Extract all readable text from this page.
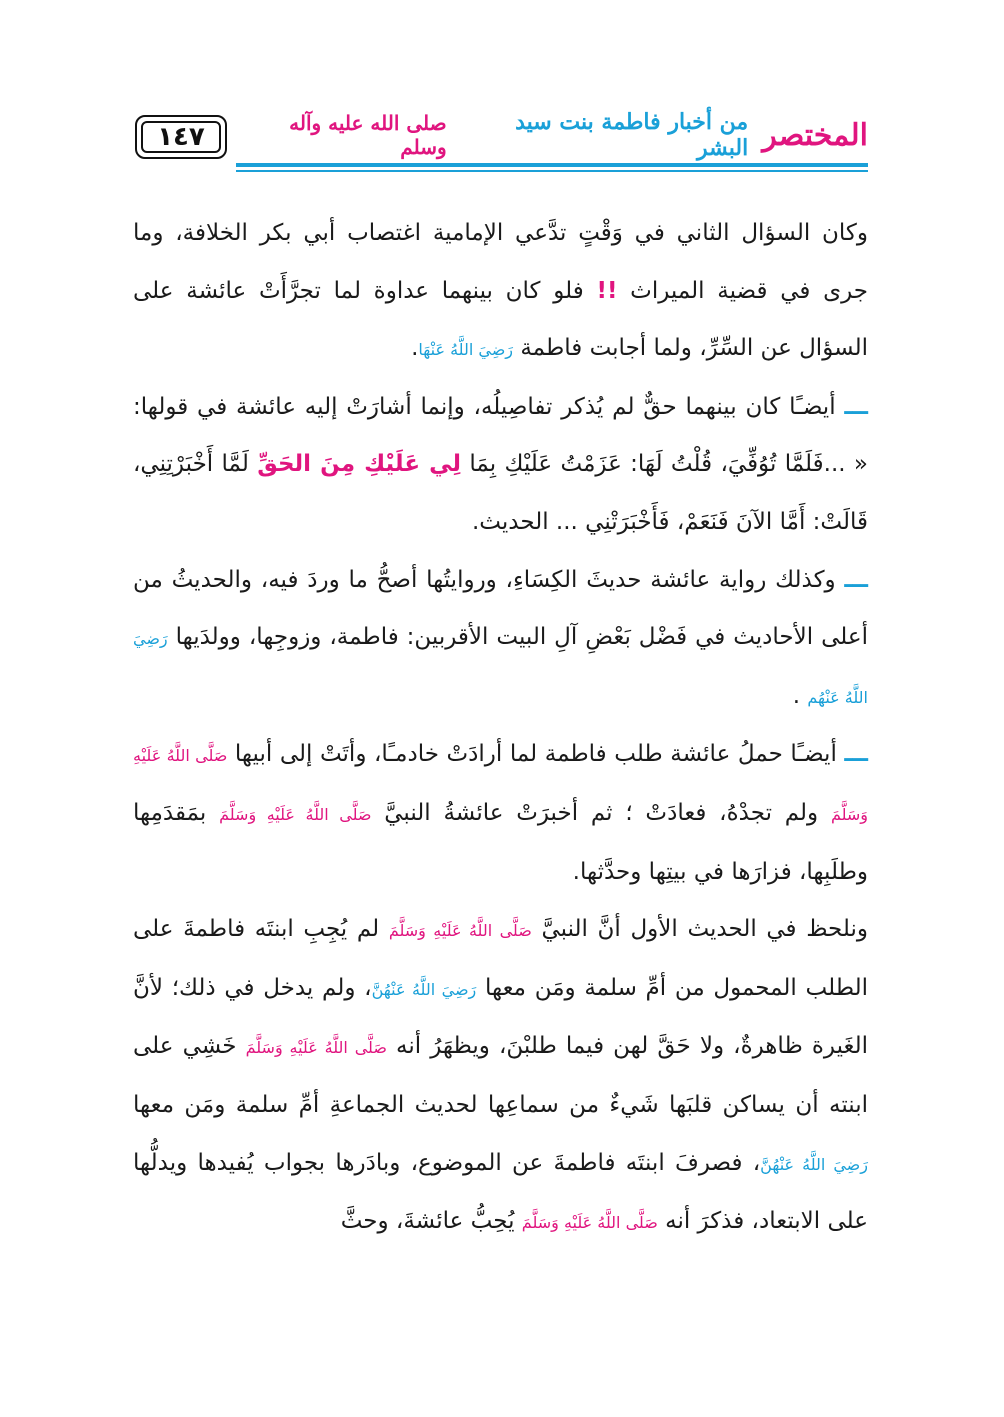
١٤٧	المختصر
من أخبار فاطمة بنت سيد البشر
صلى الله عليه وآله وسلم

وكان السؤال الثاني في وَقْتٍ تدَّعي الإمامية اغتصاب أبي بكر الخلافة، وما جرى في قضية الميراث !! فلو كان بينهما عداوة لما تجرَّأَتْ عائشة على السؤال عن السِّرِّ، ولما أجابت فاطمة رَضِيَ اللَّهُ عَنْهَا.

ـــ أيضـًا كان بينهما حقٌّ لم يُذكر تفاصِيلُه، وإنما أشارَتْ إليه عائشة في قولها: « ...فَلَمَّا تُوُفِّيَ، قُلْتُ لَهَا: عَزَمْتُ عَلَيْكِ بِمَا لِي عَلَيْكِ مِنَ الحَقِّ لَمَّا أَخْبَرْتِنِي، قَالَتْ: أَمَّا الآنَ فَنَعَمْ، فَأَخْبَرَتْنِي ... الحديث.

ـــ وكذلك رواية عائشة حديثَ الكِسَاءِ، وروايتُها أصحُّ ما وردَ فيه، والحديثُ من أعلى الأحاديث في فَضْل بَعْضِ آلِ البيت الأقربين: فاطمة، وزوجِها، وولدَيها رَضِيَ اللَّهُ عَنْهُم .

ـــ أيضـًا حملُ عائشة طلب فاطمة لما أرادَتْ خادمـًا، وأتَتْ إلى أبيها صَلَّى اللَّهُ عَلَيْهِ وَسَلَّمَ ولم تجدْهُ، فعادَتْ ؛ ثم أخبرَتْ عائشةُ النبيَّ صَلَّى اللَّهُ عَلَيْهِ وَسَلَّمَ بمَقدَمِها وطلَبِها، فزارَها في بيتِها وحدَّثها.

ونلحظ في الحديث الأول أنَّ النبيَّ صَلَّى اللَّهُ عَلَيْهِ وَسَلَّمَ لم يُجِبِ ابنتَه فاطمةَ على الطلب المحمول من أمِّ سلمة ومَن معها رَضِيَ اللَّهُ عَنْهُنَّ، ولم يدخل في ذلك؛ لأنَّ الغَيرة ظاهرةٌ، ولا حَقَّ لهن فيما طلبْنَ، ويظهَرُ أنه صَلَّى اللَّهُ عَلَيْهِ وَسَلَّمَ خَشِي على ابنته أن يساكن قلبَها شَيءٌ من سماعِها لحديث الجماعةِ أمِّ سلمة ومَن معها رَضِيَ اللَّهُ عَنْهُنَّ، فصرفَ ابنتَه فاطمةَ عن الموضوع، وبادَرها بجواب يُفيدها ويدلُّها على الابتعاد، فذكرَ أنه صَلَّى اللَّهُ عَلَيْهِ وَسَلَّمَ يُحِبُّ عائشةَ، وحثَّ
